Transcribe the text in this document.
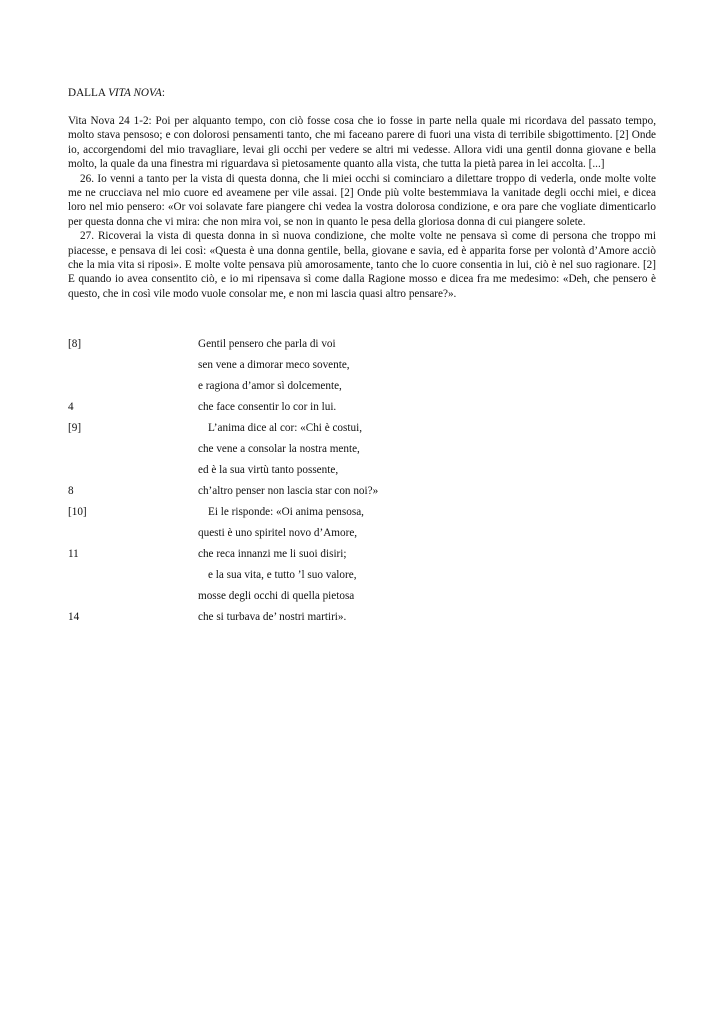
DALLA VITA NOVA:

Vita Nova 24 1-2: Poi per alquanto tempo, con ciò fosse cosa che io fosse in parte nella quale mi ricordava del passato tempo, molto stava pensoso; e con dolorosi pensamenti tanto, che mi faceano parere di fuori una vista di terribile sbigottimento. [2] Onde io, accorgendomi del mio travagliare, levai gli occhi per vedere se altri mi vedesse. Allora vidi una gentil donna giovane e bella molto, la quale da una finestra mi riguardava sì pietosamente quanto alla vista, che tutta la pietà parea in lei accolta. [...]

26. Io venni a tanto per la vista di questa donna, che li miei occhi si cominciaro a dilettare troppo di vederla, onde molte volte me ne crucciava nel mio cuore ed aveamene per vile assai. [2] Onde più volte bestemmiava la vanitade degli occhi miei, e dicea loro nel mio pensero: «Or voi solavate fare piangere chi vedea la vostra dolorosa condizione, e ora pare che vogliate dimenticarlo per questa donna che vi mira: che non mira voi, se non in quanto le pesa della gloriosa donna di cui piangere solete.

27. Ricoverai la vista di questa donna in sì nuova condizione, che molte volte ne pensava sì come di persona che troppo mi piacesse, e pensava di lei così: «Questa è una donna gentile, bella, giovane e savia, ed è apparita forse per volontà d’Amore acciò che la mia vita si riposi». E molte volte pensava più amorosamente, tanto che lo cuore consentia in lui, ciò è nel suo ragionare. [2] E quando io avea consentito ciò, e io mi ripensava sì come dalla Ragione mosso e dicea fra me medesimo: «Deh, che pensero è questo, che in così vile modo vuole consolar me, e non mi lascia quasi altro pensare?».

[8]	Gentil pensero che parla di voi
sen vene a dimorar meco sovente,
e ragiona d’amor sì dolcemente,
4	che face consentir lo cor in lui.
[9]	L’anima dice al cor: «Chi è costui,
che vene a consolar la nostra mente,
ed è la sua virtù tanto possente,
8	ch’altro penser non lascia star con noi?»
[10]	Ei le risponde: «Oi anima pensosa,
questi è uno spiritel novo d’Amore,
11	che reca innanzi me li suoi disiri;
e la sua vita, e tutto ’l suo valore,
mosse degli occhi di quella pietosa
14	che si turbava de’ nostri martiri».
